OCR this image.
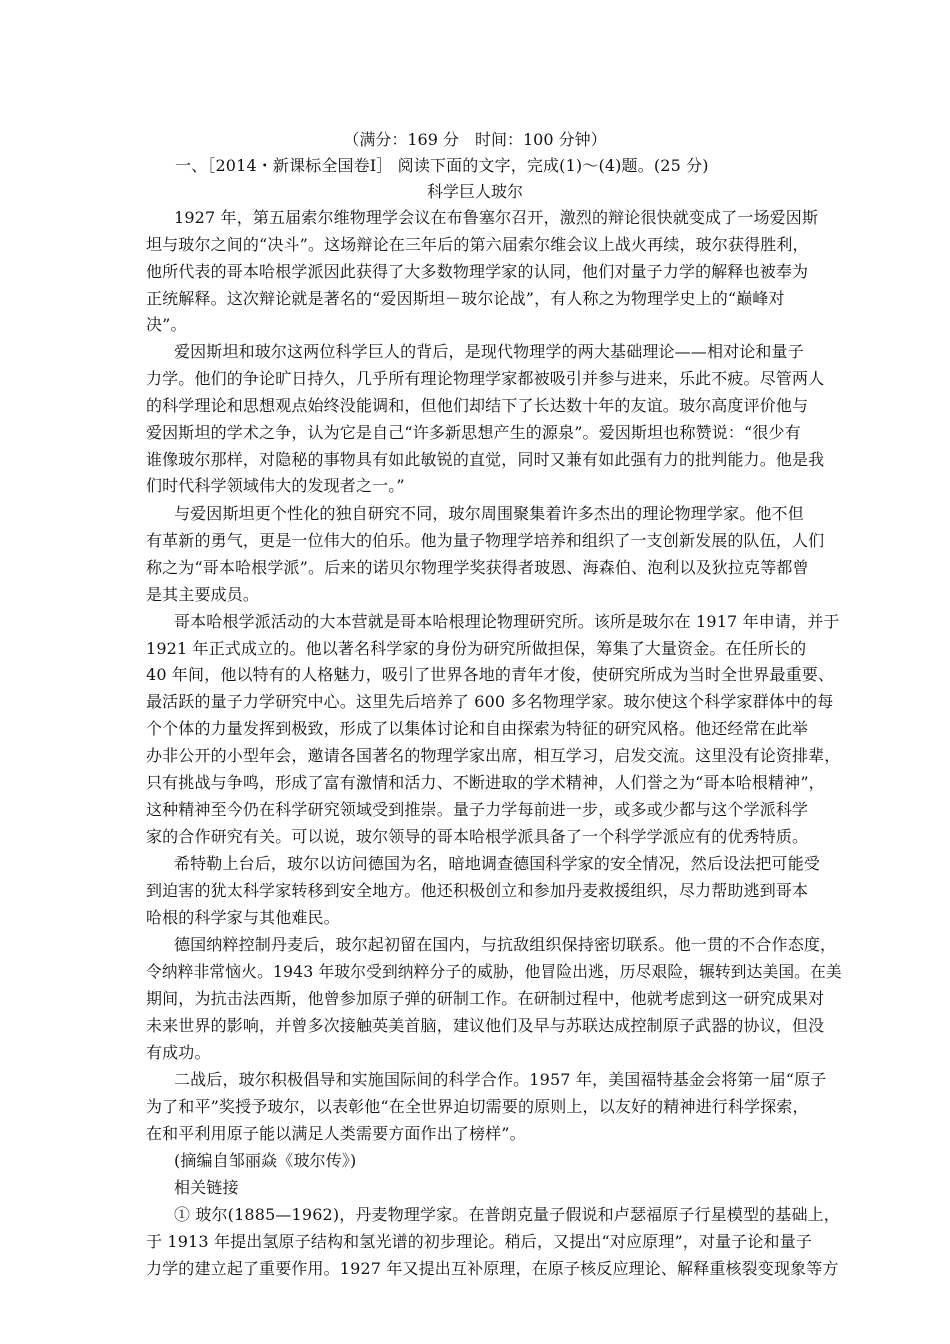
（满分：169 分　时间：100 分钟）
一、［2014・新课标全国卷Ⅰ］ 阅读下面的文字，完成(1)～(4)题。(25 分)
科学巨人玻尔
1927 年，第五届索尔维物理学会议在布鲁塞尔召开，激烈的辩论很快就变成了一场爱因斯
坦与玻尔之间的“决斗”。这场辩论在三年后的第六届索尔维会议上战火再续，玻尔获得胜利，
他所代表的哥本哈根学派因此获得了大多数物理学家的认同，他们对量子力学的解释也被奉为
正统解释。这次辩论就是著名的“爱因斯坦－玻尔论战”，有人称之为物理学史上的“巅峰对
决”。
爱因斯坦和玻尔这两位科学巨人的背后，是现代物理学的两大基础理论——相对论和量子
力学。他们的争论旷日持久，几乎所有理论物理学家都被吸引并参与进来，乐此不疲。尽管两人
的科学理论和思想观点始终没能调和，但他们却结下了长达数十年的友谊。玻尔高度评价他与
爱因斯坦的学术之争，认为它是自己“许多新思想产生的源泉”。爱因斯坦也称赞说：“很少有
谁像玻尔那样，对隐秘的事物具有如此敏锐的直觉，同时又兼有如此强有力的批判能力。他是我
们时代科学领域伟大的发现者之一。”
与爱因斯坦更个性化的独自研究不同，玻尔周围聚集着许多杰出的理论物理学家。他不但
有革新的勇气，更是一位伟大的伯乐。他为量子物理学培养和组织了一支创新发展的队伍，人们
称之为“哥本哈根学派”。后来的诺贝尔物理学奖获得者玻恩、海森伯、泡利以及狄拉克等都曾
是其主要成员。
哥本哈根学派活动的大本营就是哥本哈根理论物理研究所。该所是玻尔在 1917 年申请，并于
1921 年正式成立的。他以著名科学家的身份为研究所做担保，筹集了大量资金。在任所长的
40 年间，他以特有的人格魅力，吸引了世界各地的青年才俊，使研究所成为当时全世界最重要、
最活跃的量子力学研究中心。这里先后培养了 600 多名物理学家。玻尔使这个科学家群体中的每
个个体的力量发挥到极致，形成了以集体讨论和自由探索为特征的研究风格。他还经常在此举
办非公开的小型年会，邀请各国著名的物理学家出席，相互学习，启发交流。这里没有论资排辈，
只有挑战与争鸣，形成了富有激情和活力、不断进取的学术精神，人们誉之为“哥本哈根精神”，
这种精神至今仍在科学研究领域受到推崇。量子力学每前进一步，或多或少都与这个学派科学
家的合作研究有关。可以说，玻尔领导的哥本哈根学派具备了一个科学学派应有的优秀特质。
希特勒上台后，玻尔以访问德国为名，暗地调查德国科学家的安全情况，然后设法把可能受
到迫害的犹太科学家转移到安全地方。他还积极创立和参加丹麦救援组织，尽力帮助逃到哥本
哈根的科学家与其他难民。
德国纳粹控制丹麦后，玻尔起初留在国内，与抗敌组织保持密切联系。他一贯的不合作态度，
令纳粹非常恼火。1943 年玻尔受到纳粹分子的威胁，他冒险出逃，历尽艰险，辗转到达美国。在美
期间，为抗击法西斯，他曾参加原子弹的研制工作。在研制过程中，他就考虑到这一研究成果对
未来世界的影响，并曾多次接触英美首脑，建议他们及早与苏联达成控制原子武器的协议，但没
有成功。
二战后，玻尔积极倡导和实施国际间的科学合作。1957 年，美国福特基金会将第一届“原子
为了和平”奖授予玻尔，以表彰他“在全世界迫切需要的原则上，以友好的精神进行科学探索，
在和平利用原子能以满足人类需要方面作出了榜样”。
(摘编自邹丽焱《玻尔传》)
相关链接
① 玻尔(1885—1962)，丹麦物理学家。在普朗克量子假说和卢瑟福原子行星模型的基础上，
于 1913 年提出氢原子结构和氢光谱的初步理论。稍后，又提出“对应原理”，对量子论和量子
力学的建立起了重要作用。1927 年又提出互补原理，在原子核反应理论、解释重核裂变现象等方
